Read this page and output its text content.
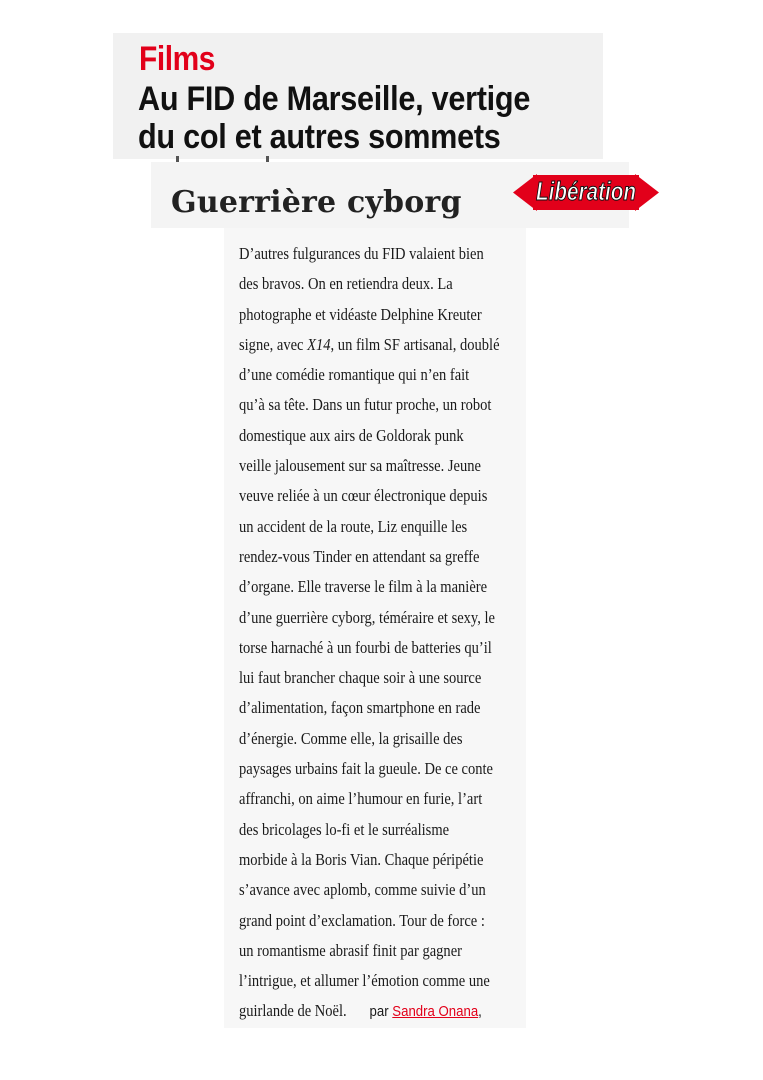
Films
Au FID de Marseille, vertige
du col et autres sommets
Guerrière cyborg	Libération
D’autres fulgurances du FID valaient bien
des bravos. On en retiendra deux. La
photographe et vidéaste Delphine Kreuter
signe, avec X14, un film SF artisanal, doublé
d’une comédie romantique qui n’en fait
qu’à sa tête. Dans un futur proche, un robot
domestique aux airs de Goldorak punk
veille jalousement sur sa maîtresse. Jeune
veuve reliée à un cœur électronique depuis
un accident de la route, Liz enquille les
rendez-vous Tinder en attendant sa greffe
d’organe. Elle traverse le film à la manière
d’une guerrière cyborg, téméraire et sexy, le
torse harnaché à un fourbi de batteries qu’il
lui faut brancher chaque soir à une source
d’alimentation, façon smartphone en rade
d’énergie. Comme elle, la grisaille des
paysages urbains fait la gueule. De ce conte
affranchi, on aime l’humour en furie, l’art
des bricolages lo-fi et le surréalisme
morbide à la Boris Vian. Chaque péripétie
s’avance avec aplomb, comme suivie d’un
grand point d’exclamation. Tour de force :
un romantisme abrasif finit par gagner
l’intrigue, et allumer l’émotion comme une
guirlande de Noël. par Sandra Onana,
